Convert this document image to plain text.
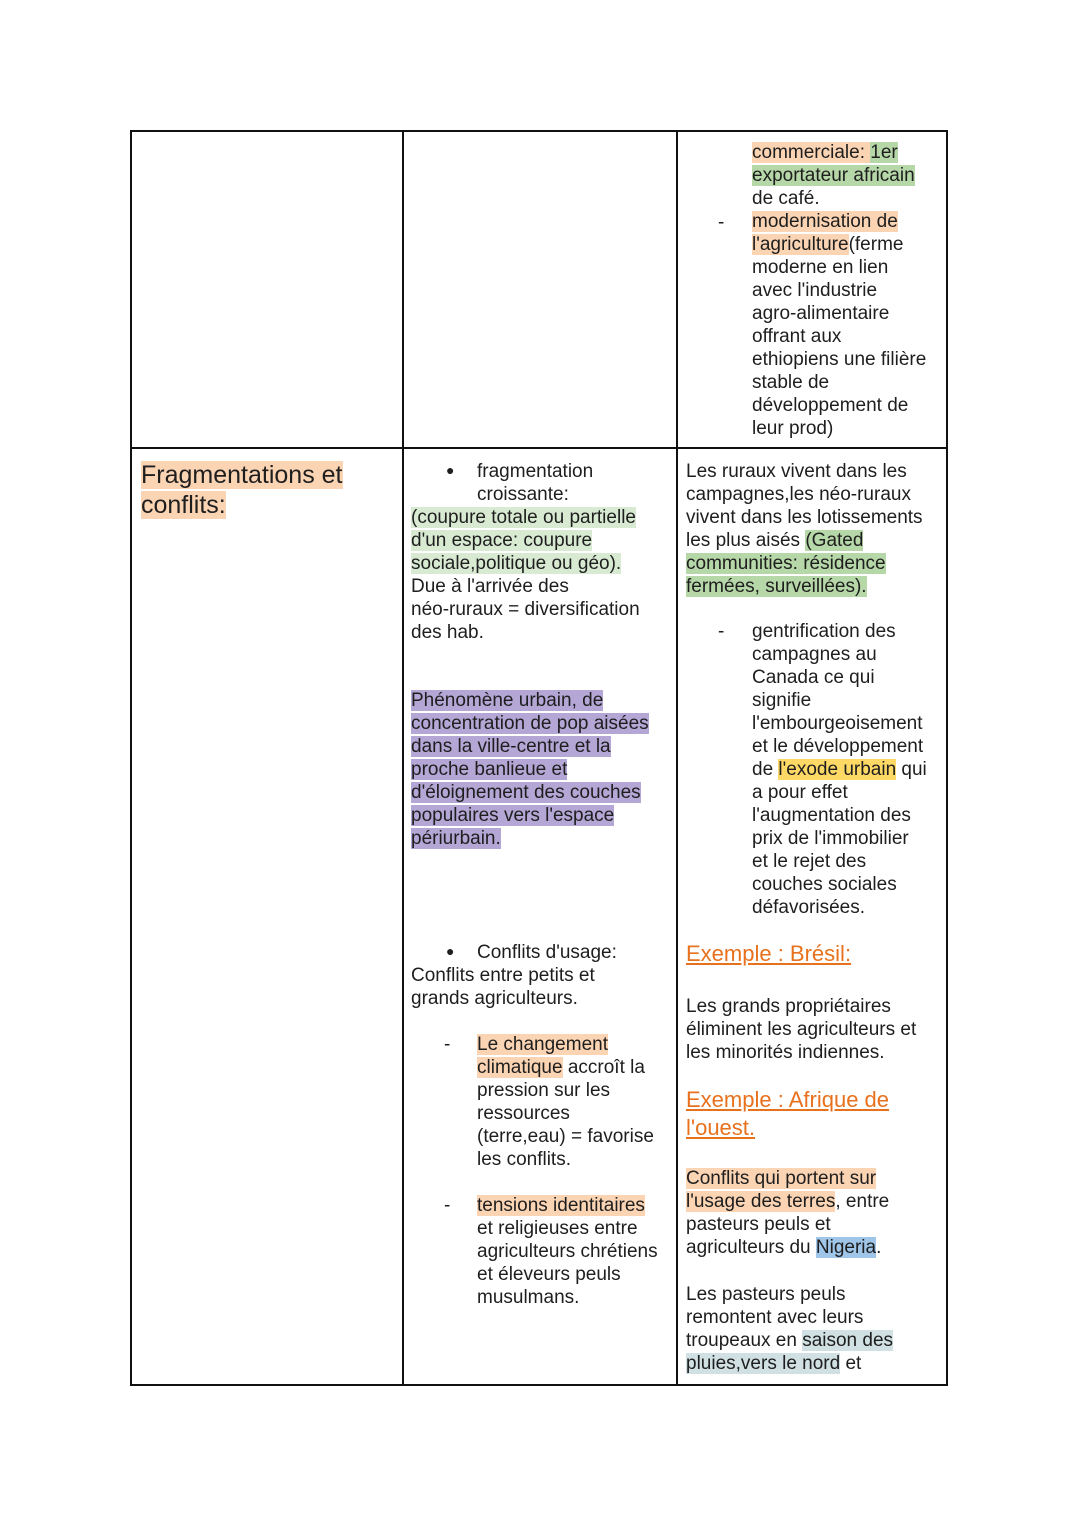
-
commerciale: 1er
exportateur africain
de café.
modernisation de
l'agriculture(ferme
moderne en lien
avec l'industrie
agro-alimentaire
offrant aux
ethiopiens une filière
stable de
développement de
leur prod)
Fragmentations et
conflits:
● fragmentation
croissante:
(coupure totale ou partielle
d'un espace: coupure
sociale,politique ou géo).
Due à l'arrivée des
néo-ruraux = diversification
des hab.
Phénomène urbain, de
concentration de pop aisées
dans la ville-centre et la
proche banlieue et
d'éloignement des couches
populaires vers l'espace
périurbain.
● Conflits d'usage:
Conflits entre petits et
grands agriculteurs.
- Le changement
climatique accroît la
pression sur les
ressources
(terre,eau) = favorise
les conflits.
- tensions identitaires
et religieuses entre
agriculteurs chrétiens
et éleveurs peuls
musulmans.
Les ruraux vivent dans les
campagnes,les néo-ruraux
vivent dans les lotissements
les plus aisés (Gated
communities: résidence
fermées, surveillées).
- gentrification des
campagnes au
Canada ce qui
signifie
l'embourgeoisement
et le développement
de l'exode urbain qui
a pour effet
l'augmentation des
prix de l'immobilier
et le rejet des
couches sociales
défavorisées.
Exemple : Brésil:
Les grands propriétaires
éliminent les agriculteurs et
les minorités indiennes.
Exemple : Afrique de
l'ouest.
Conflits qui portent sur
l'usage des terres, entre
pasteurs peuls et
agriculteurs du Nigeria.
Les pasteurs peuls
remontent avec leurs
troupeaux en saison des
pluies,vers le nord et
